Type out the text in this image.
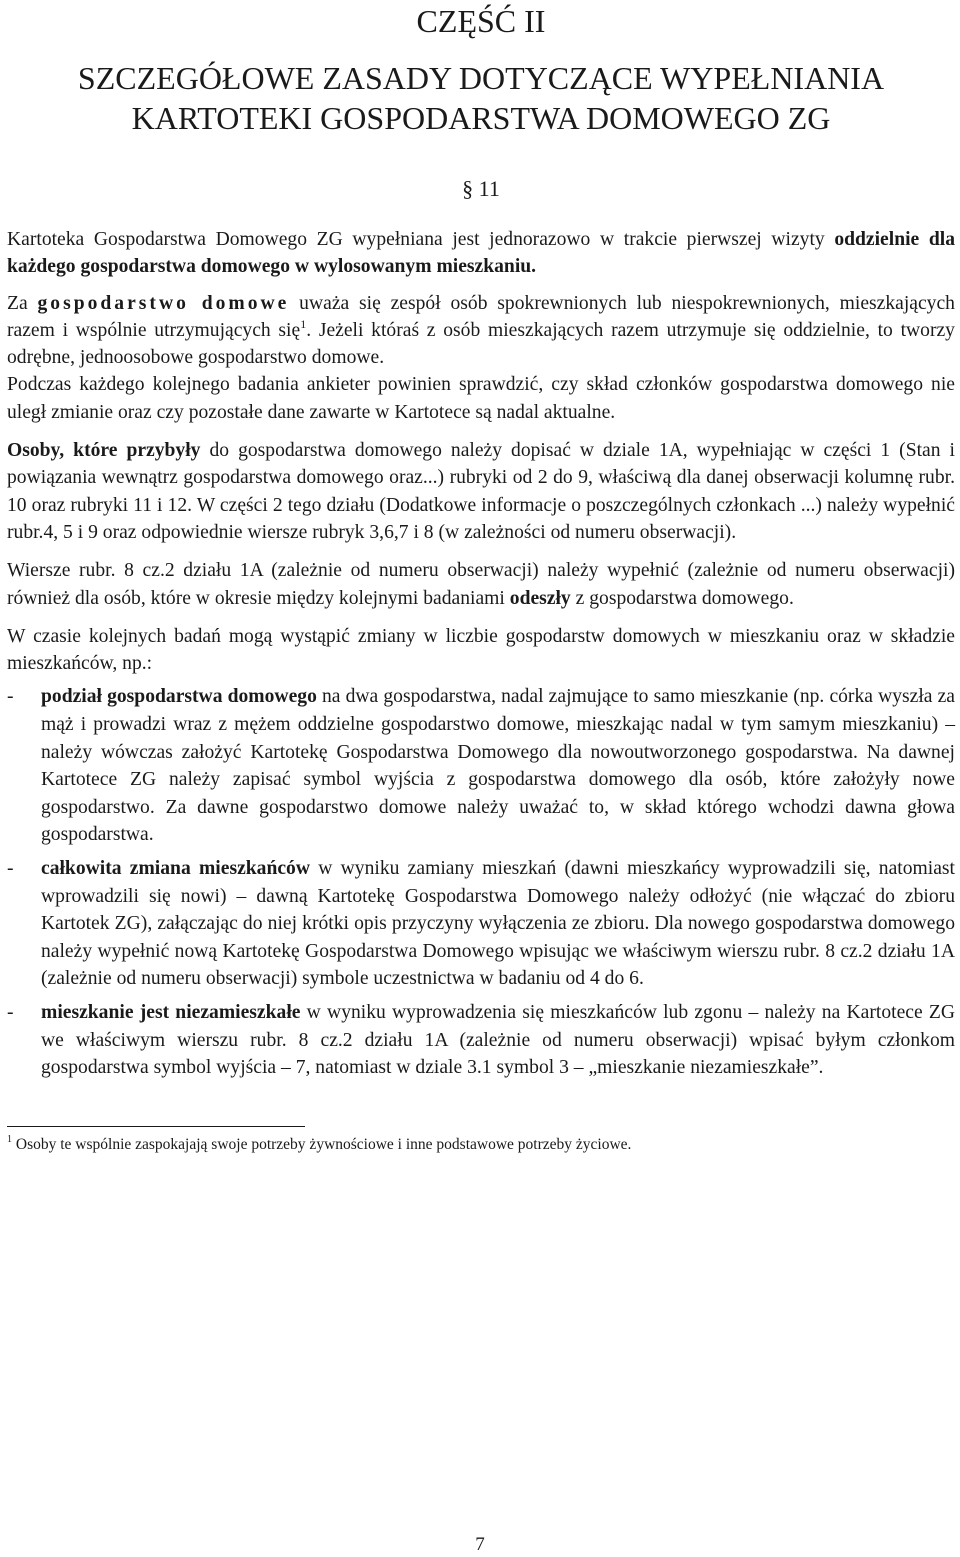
CZĘŚĆ II
SZCZEGÓŁOWE ZASADY DOTYCZĄCE WYPEŁNIANIA
KARTOTEKI GOSPODARSTWA DOMOWEGO ZG
§ 11

Kartoteka Gospodarstwa Domowego ZG wypełniana jest jednorazowo w trakcie pierwszej wizyty oddzielnie dla każdego gospodarstwa domowego w wylosowanym mieszkaniu.

Za gospodarstwo domowe uważa się zespół osób spokrewnionych lub niespokrewnionych, mieszkających razem i wspólnie utrzymujących się$^1$. Jeżeli któraś z osób mieszkających razem utrzymuje się oddzielnie, to tworzy odrębne, jednoosobowe gospodarstwo domowe.

Podczas każdego kolejnego badania ankieter powinien sprawdzić, czy skład członków gospodarstwa domowego nie uległ zmianie oraz czy pozostałe dane zawarte w Kartotece są nadal aktualne.

Osoby, które przybyły do gospodarstwa domowego należy dopisać w dziale 1A, wypełniając w części 1 (Stan i powiązania wewnątrz gospodarstwa domowego oraz...) rubryki od 2 do 9, właściwą dla danej obserwacji kolumnę rubr. 10 oraz rubryki 11 i 12. W części 2 tego działu (Dodatkowe informacje o poszczególnych członkach ...) należy wypełnić rubr.4, 5 i 9 oraz odpowiednie wiersze rubryk 3,6,7 i 8 (w zależności od numeru obserwacji).

Wiersze rubr. 8 cz.2 działu 1A (zależnie od numeru obserwacji) należy wypełnić (zależnie od numeru obserwacji) również dla osób, które w okresie między kolejnymi badaniami odeszły z gospodarstwa domowego.

W czasie kolejnych badań mogą wystąpić zmiany w liczbie gospodarstw domowych w mieszkaniu oraz w składzie mieszkańców, np.:

- podział gospodarstwa domowego na dwa gospodarstwa, nadal zajmujące to samo mieszkanie (np. córka wyszła za mąż i prowadzi wraz z mężem oddzielne gospodarstwo domowe, mieszkając nadal w tym samym mieszkaniu) – należy wówczas założyć Kartotekę Gospodarstwa Domowego dla nowoutworzonego gospodarstwa. Na dawnej Kartotece ZG należy zapisać symbol wyjścia z gospodarstwa domowego dla osób, które założyły nowe gospodarstwo. Za dawne gospodarstwo domowe należy uważać to, w skład którego wchodzi dawna głowa gospodarstwa.
- całkowita zmiana mieszkańców w wyniku zamiany mieszkań (dawni mieszkańcy wyprowadzili się, natomiast wprowadzili się nowi) – dawną Kartotekę Gospodarstwa Domowego należy odłożyć (nie włączać do zbioru Kartotek ZG), załączając do niej krótki opis przyczyny wyłączenia ze zbioru. Dla nowego gospodarstwa domowego należy wypełnić nową Kartotekę Gospodarstwa Domowego wpisując we właściwym wierszu rubr. 8 cz.2 działu 1A (zależnie od numeru obserwacji) symbole uczestnictwa w badaniu od 4 do 6.
- mieszkanie jest niezamieszkałe w wyniku wyprowadzenia się mieszkańców lub zgonu – należy na Kartotece ZG we właściwym wierszu rubr. 8 cz.2 działu 1A (zależnie od numeru obserwacji) wpisać byłym członkom gospodarstwa symbol wyjścia – 7, natomiast w dziale 3.1 symbol 3 – „mieszkanie niezamieszkałe”.
$^1$ Osoby te wspólnie zaspokajają swoje potrzeby żywnościowe i inne podstawowe potrzeby życiowe.
7
